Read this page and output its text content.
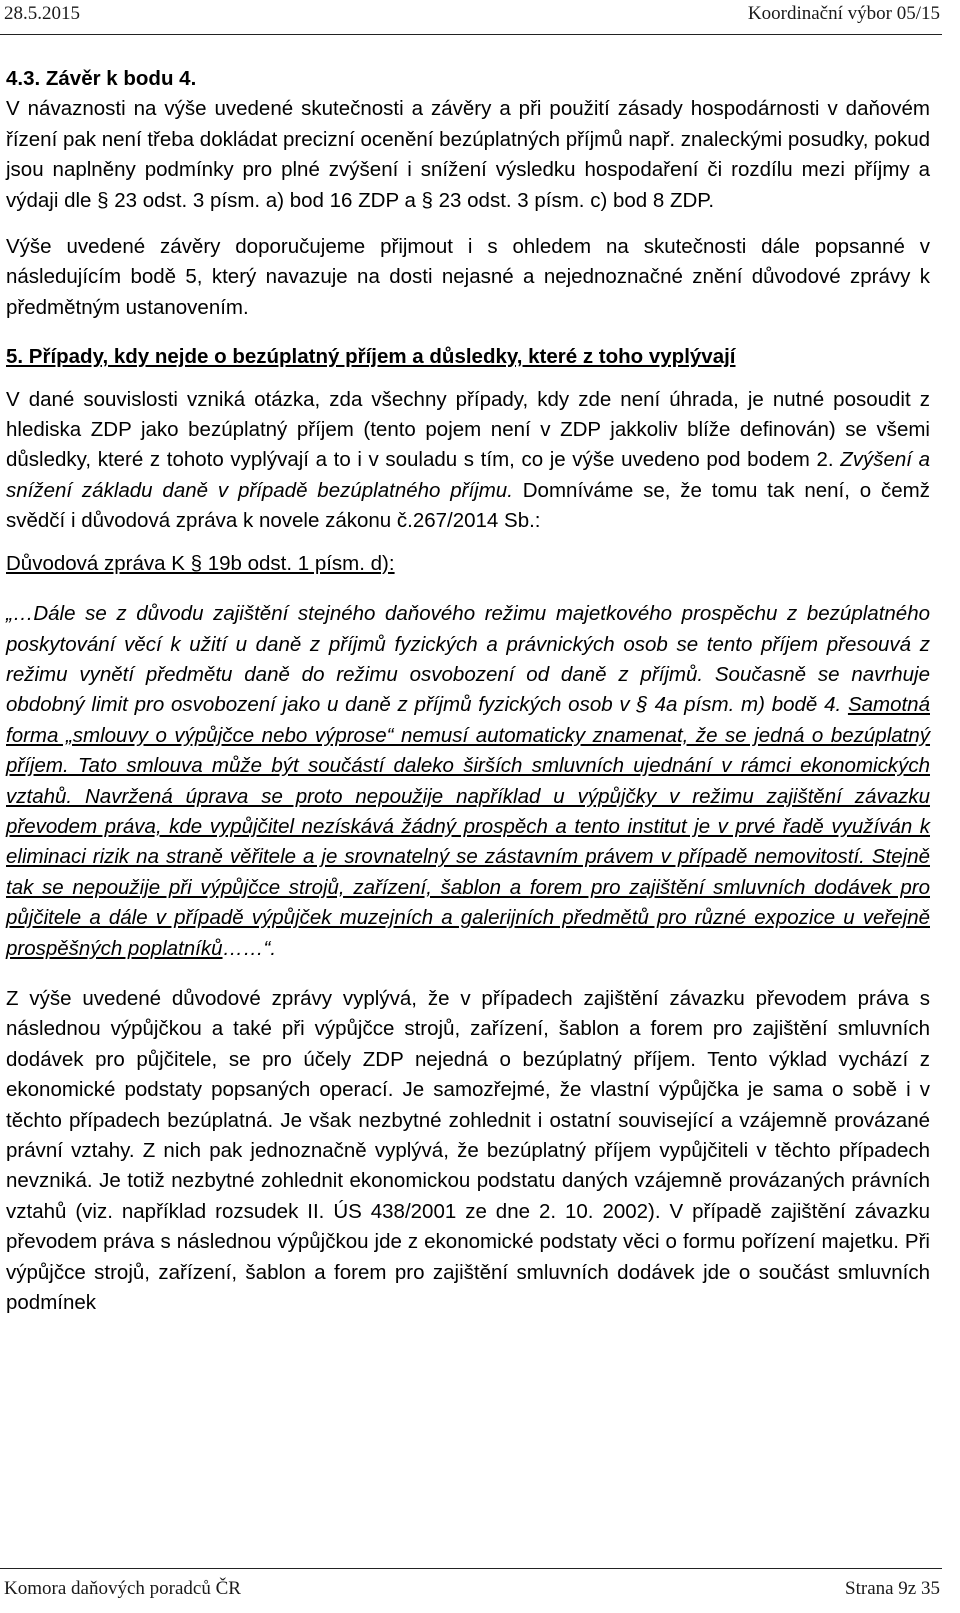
28.5.2015	Koordinační výbor 05/15

4.3. Závěr k bodu 4.

V návaznosti na výše uvedené skutečnosti a závěry a při použití zásady hospodárnosti v daňovém řízení pak není třeba dokládat precizní ocenění bezúplatných příjmů např. znaleckými posudky, pokud jsou naplněny podmínky pro plné zvýšení i snížení výsledku hospodaření či rozdílu mezi příjmy a výdaji dle § 23 odst. 3 písm. a) bod 16 ZDP a § 23 odst. 3 písm. c) bod 8 ZDP.

Výše uvedené závěry doporučujeme přijmout i s ohledem na skutečnosti dále popsanné v následujícím bodě 5, který navazuje na dosti nejasné a nejednoznačné znění důvodové zprávy k předmětným ustanovením.

5. Případy, kdy nejde o bezúplatný příjem a důsledky, které z toho vyplývají

V dané souvislosti vzniká otázka, zda všechny případy, kdy zde není úhrada, je nutné posoudit z hlediska ZDP jako bezúplatný příjem (tento pojem není v ZDP jakkoliv blíže definován) se všemi důsledky, které z tohoto vyplývají a to i v souladu s tím, co je výše uvedeno pod bodem 2. Zvýšení a snížení základu daně v případě bezúplatného příjmu. Domníváme se, že tomu tak není, o čemž svědčí i důvodová zpráva k novele zákonu č.267/2014 Sb.:

Důvodová zpráva K § 19b odst. 1 písm. d):

„…Dále se z důvodu zajištění stejného daňového režimu majetkového prospěchu z bezúplatného poskytování věcí k užití u daně z příjmů fyzických a právnických osob se tento příjem přesouvá z režimu vynětí předmětu daně do režimu osvobození od daně z příjmů. Současně se navrhuje obdobný limit pro osvobození jako u daně z příjmů fyzických osob v § 4a písm. m) bodě 4. Samotná forma „smlouvy o výpůjčce nebo výprose“ nemusí automaticky znamenat, že se jedná o bezúplatný příjem. Tato smlouva může být součástí daleko širších smluvních ujednání v rámci ekonomických vztahů. Navržená úprava se proto nepoužije například u výpůjčky v režimu zajištění závazku převodem práva, kde vypůjčitel nezískává žádný prospěch a tento institut je v prvé řadě využíván k eliminaci rizik na straně věřitele a je srovnatelný se zástavním právem v případě nemovitostí. Stejně tak se nepoužije při výpůjčce strojů, zařízení, šablon a forem pro zajištění smluvních dodávek pro půjčitele a dále v případě výpůjček muzejních a galerijních předmětů pro různé expozice u veřejně prospěšných poplatníků……“.

Z výše uvedené důvodové zprávy vyplývá, že v případech zajištění závazku převodem práva s následnou výpůjčkou a také při výpůjčce strojů, zařízení, šablon a forem pro zajištění smluvních dodávek pro půjčitele, se pro účely ZDP nejedná o bezúplatný příjem. Tento výklad vychází z ekonomické podstaty popsaných operací. Je samozřejmé, že vlastní výpůjčka je sama o sobě i v těchto případech bezúplatná. Je však nezbytné zohlednit i ostatní související a vzájemně provázané právní vztahy. Z nich pak jednoznačně vyplývá, že bezúplatný příjem vypůjčiteli v těchto případech nevzniká. Je totiž nezbytné zohlednit ekonomickou podstatu daných vzájemně provázaných právních vztahů (viz. například rozsudek II. ÚS 438/2001 ze dne 2. 10. 2002). V případě zajištění závazku převodem práva s následnou výpůjčkou jde z ekonomické podstaty věci o formu pořízení majetku. Při výpůjčce strojů, zařízení, šablon a forem pro zajištění smluvních dodávek jde o součást smluvních podmínek

Komora daňových poradců ČR	Strana 9z 35
